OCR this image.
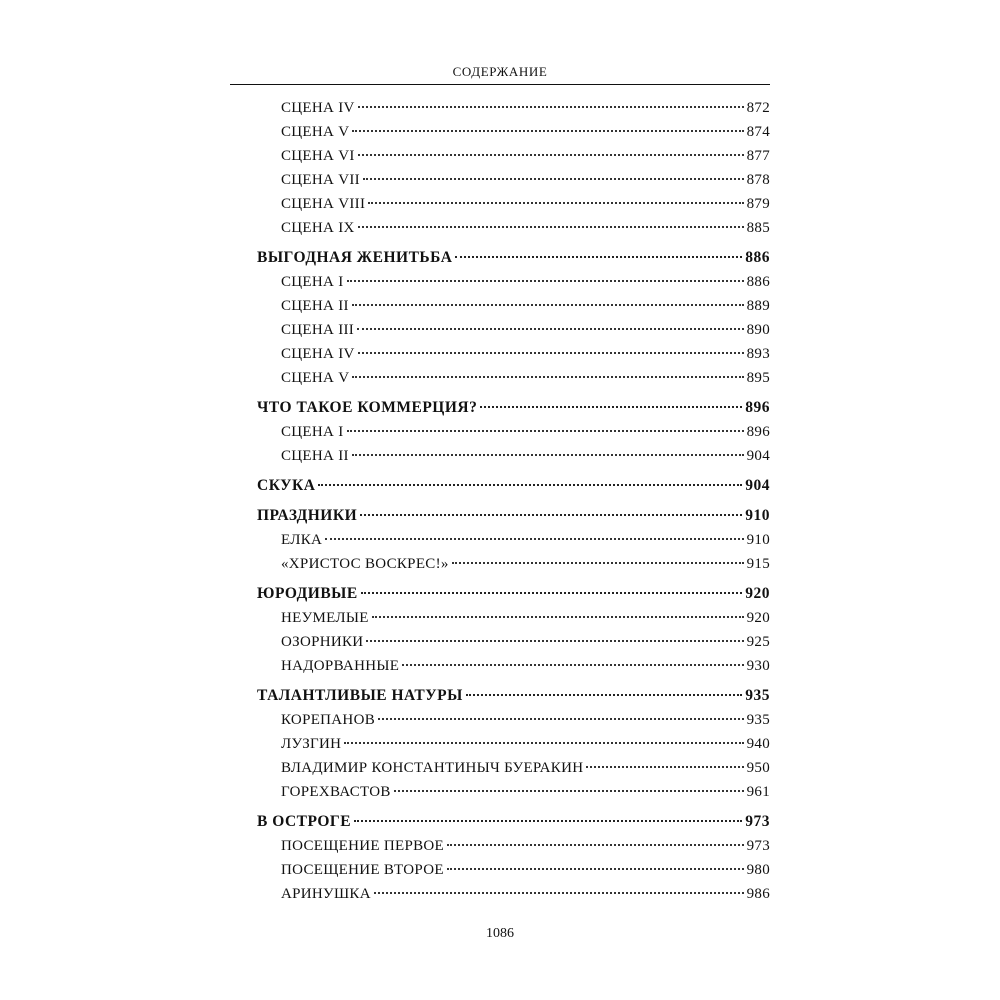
СОДЕРЖАНИЕ
СЦЕНА IV	872
СЦЕНА V	874
СЦЕНА VI	877
СЦЕНА VII	878
СЦЕНА VIII	879
СЦЕНА IX	885
ВЫГОДНАЯ ЖЕНИТЬБА	886
СЦЕНА I	886
СЦЕНА II	889
СЦЕНА III	890
СЦЕНА IV	893
СЦЕНА V	895
ЧТО ТАКОЕ КОММЕРЦИЯ?	896
СЦЕНА I	896
СЦЕНА II	904
СКУКА	904
ПРАЗДНИКИ	910
ЕЛКА	910
«ХРИСТОС ВОСКРЕС!»	915
ЮРОДИВЫЕ	920
НЕУМЕЛЫЕ	920
ОЗОРНИКИ	925
НАДОРВАННЫЕ	930
ТАЛАНТЛИВЫЕ НАТУРЫ	935
КОРЕПАНОВ	935
ЛУЗГИН	940
ВЛАДИМИР КОНСТАНТИНЫЧ БУЕРАКИН	950
ГОРЕХВАСТОВ	961
В ОСТРОГЕ	973
ПОСЕЩЕНИЕ ПЕРВОЕ	973
ПОСЕЩЕНИЕ ВТОРОЕ	980
АРИНУШКА	986
1086
